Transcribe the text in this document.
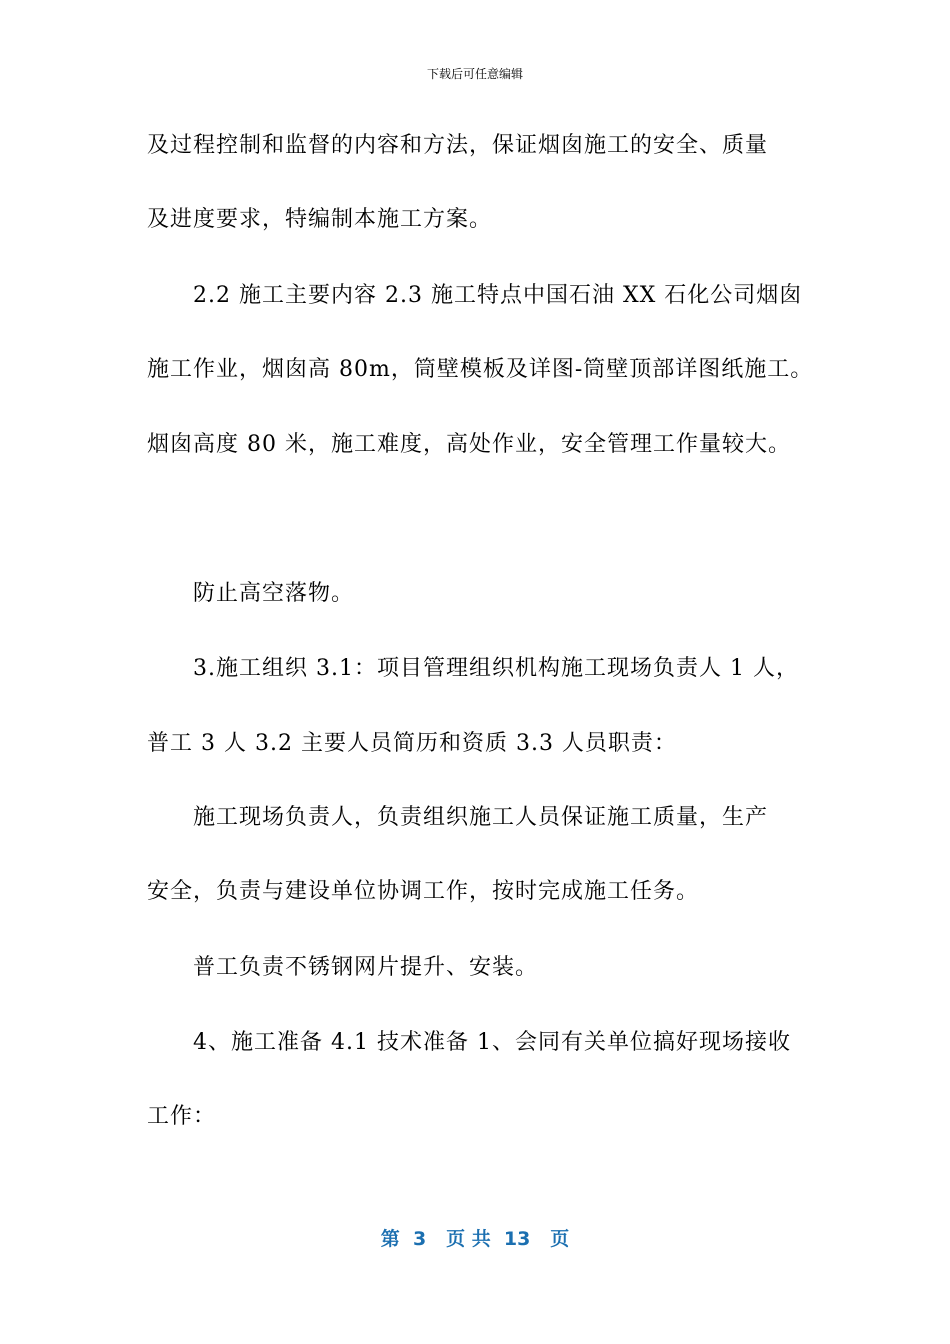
下载后可任意编辑
及过程控制和监督的内容和方法，保证烟囱施工的安全、质量
及进度要求，特编制本施工方案。
2.2 施工主要内容 2.3 施工特点中国石油 XX 石化公司烟囱
施工作业，烟囱高 80m，筒壁模板及详图-筒壁顶部详图纸施工。
烟囱高度 80 米，施工难度，高处作业，安全管理工作量较大。
防止高空落物。
3.施工组织 3.1：项目管理组织机构施工现场负责人 1 人，
普工 3 人 3.2 主要人员简历和资质 3.3 人员职责：
施工现场负责人，负责组织施工人员保证施工质量，生产
安全，负责与建设单位协调工作，按时完成施工任务。
普工负责不锈钢网片提升、安装。
4、施工准备 4.1 技术准备 1、会同有关单位搞好现场接收
工作：
第  3   页 共  13   页
